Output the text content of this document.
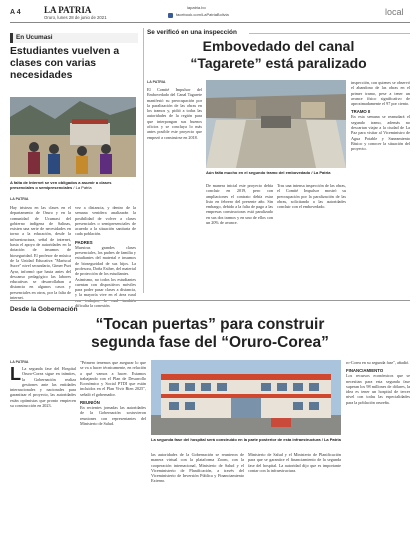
A 4	LA PATRIA
Oruro, lunes 28 de junio de 2021
lapatria.bo
facebook.com/LaPatriaBolivia	local
En Ucumasi
Estudiantes vuelven a clases con varias necesidades
A falta de Internet se ven obligados a asumir a clases presenciales o semipresenciales / La Patria
LA PATRIA
Hay tristeza en las clases en el departamento de Oruro y en la comunidad de Ucumasi del gobierno indígena de Salinas, existen una serie de necesidades en torno a la educación, desde la infraestructura, señal de internet, hasta el apoyo de autoridades en la dotación de insumos de bioseguridad. El profesor de música de la Unidad Educativa "Mariscal Sucre" nivel secundario, Gimer Puri Ayar, informó que hasta antes del descanso pedagógico las labores educativas se desarrollaban a distancia en algunos casos y presenciales en otros, por la falta de internet.
vez a distancia, y dentro de la semana venidera analizarán la posibilidad de volver a clases presenciales o semipresenciales de acuerdo a la situación sanitaria de cada población.
PADRES
Muestras grandes clases presenciales, los padres de familia y estudiantes del material e insumos de bioseguridad de sus hijos. La profesora, Doña Esther, del material de protección de los estudiantes.
Asimismo, no todos los estudiantes cuentan con dispositivos móviles para poder pasar clases a distancia, y la mayoría vive en el área rural dificulta la conexión.
Se verificó en una inspección
Embovedado del canal
“Tagarete” está paralizado
LA PATRIA
El Comité Impulsor del Embovedado del Canal Tagarete manifestó su preocupación por la paralización de las obras en los tramos y, pidió a todas las autoridades de la región para que interpongan sus buenos oficios y se concluya lo más antes posible este proyecto que empezó a construirse en 2018.
Aún falta mucho en el segundo tramo del embovedado / La Patria
De manera inicial este proyecto debía concluir en 2019, pero con ampliaciones el contrato debía estar listo en febrero del presente año. Sin embargo, debido a la falta de pago a las empresas constructoras está paralizado en sus dos tramos y en uno de ellos con un 20% de avance.
Tras una intensa inspección de las obras, el Comité Impulsor mostró su preocupación por la paralización de las obras, solicitando a las autoridades concluir con el embovedado.
inspección, con quienes se observó el abandono de las obras en el primer tramo, pese a tener un avance físico significativo de aproximadamente el 97 por ciento.
TRAMO II
En esta semana se reanudará el segundo tramo, además no descartan viajar a la ciudad de La Paz para visitar al Viceministro de Agua Potable y Saneamiento Básico y conocer la situación del proyecto.
Desde la Gobernación
“Tocan puertas” para construir
segunda fase del “Oruro-Corea”
LA PATRIA
L La segunda fase del Hospital Oruro-Corea sigue en trámites, la Gobernación realiza gestiones ante las entidades internacionales y nacionales para garantizar el proyecto, las autoridades están optimistas que pronto empiecen su construcción en 2023.
"Primero tenemos que asegurar lo que se va a hacer técnicamente, en relación a qué vamos a hacer. Estamos trabajando con el Plan de Desarrollo Económico y Social PTDI que están incluidos en el Plan Vivir Bien 2025", señaló el gobernador.
REUNIÓN
En recientes jornadas las autoridades de la Gobernación sostuvieron reuniones con representantes del Ministerio de Salud.
La segunda fase del hospital será construido en la parte posterior de esta infraestructura / La Patria
las autoridades de la Gobernación se reunieron de manera virtual con la plataforma Zoom, con la cooperación internacional, Ministerio de Salud y el Viceministerio de Planificación, a través del Viceministerio de Inversión Pública y Financiamiento Externo.
Ministerio de Salud y el Ministerio de Planificación para que se garantice el financiamiento de la segunda fase del hospital. La autoridad dijo que es importante contar con la infraestructura.
ro-Corea en su segunda fase", añadió.
FINANCIAMIENTO
Los recursos económicos que se necesitan para esta segunda fase superan los 98 millones de dólares, la idea es tener un hospital de tercer nivel con todas las especialidades para la población orureña.
